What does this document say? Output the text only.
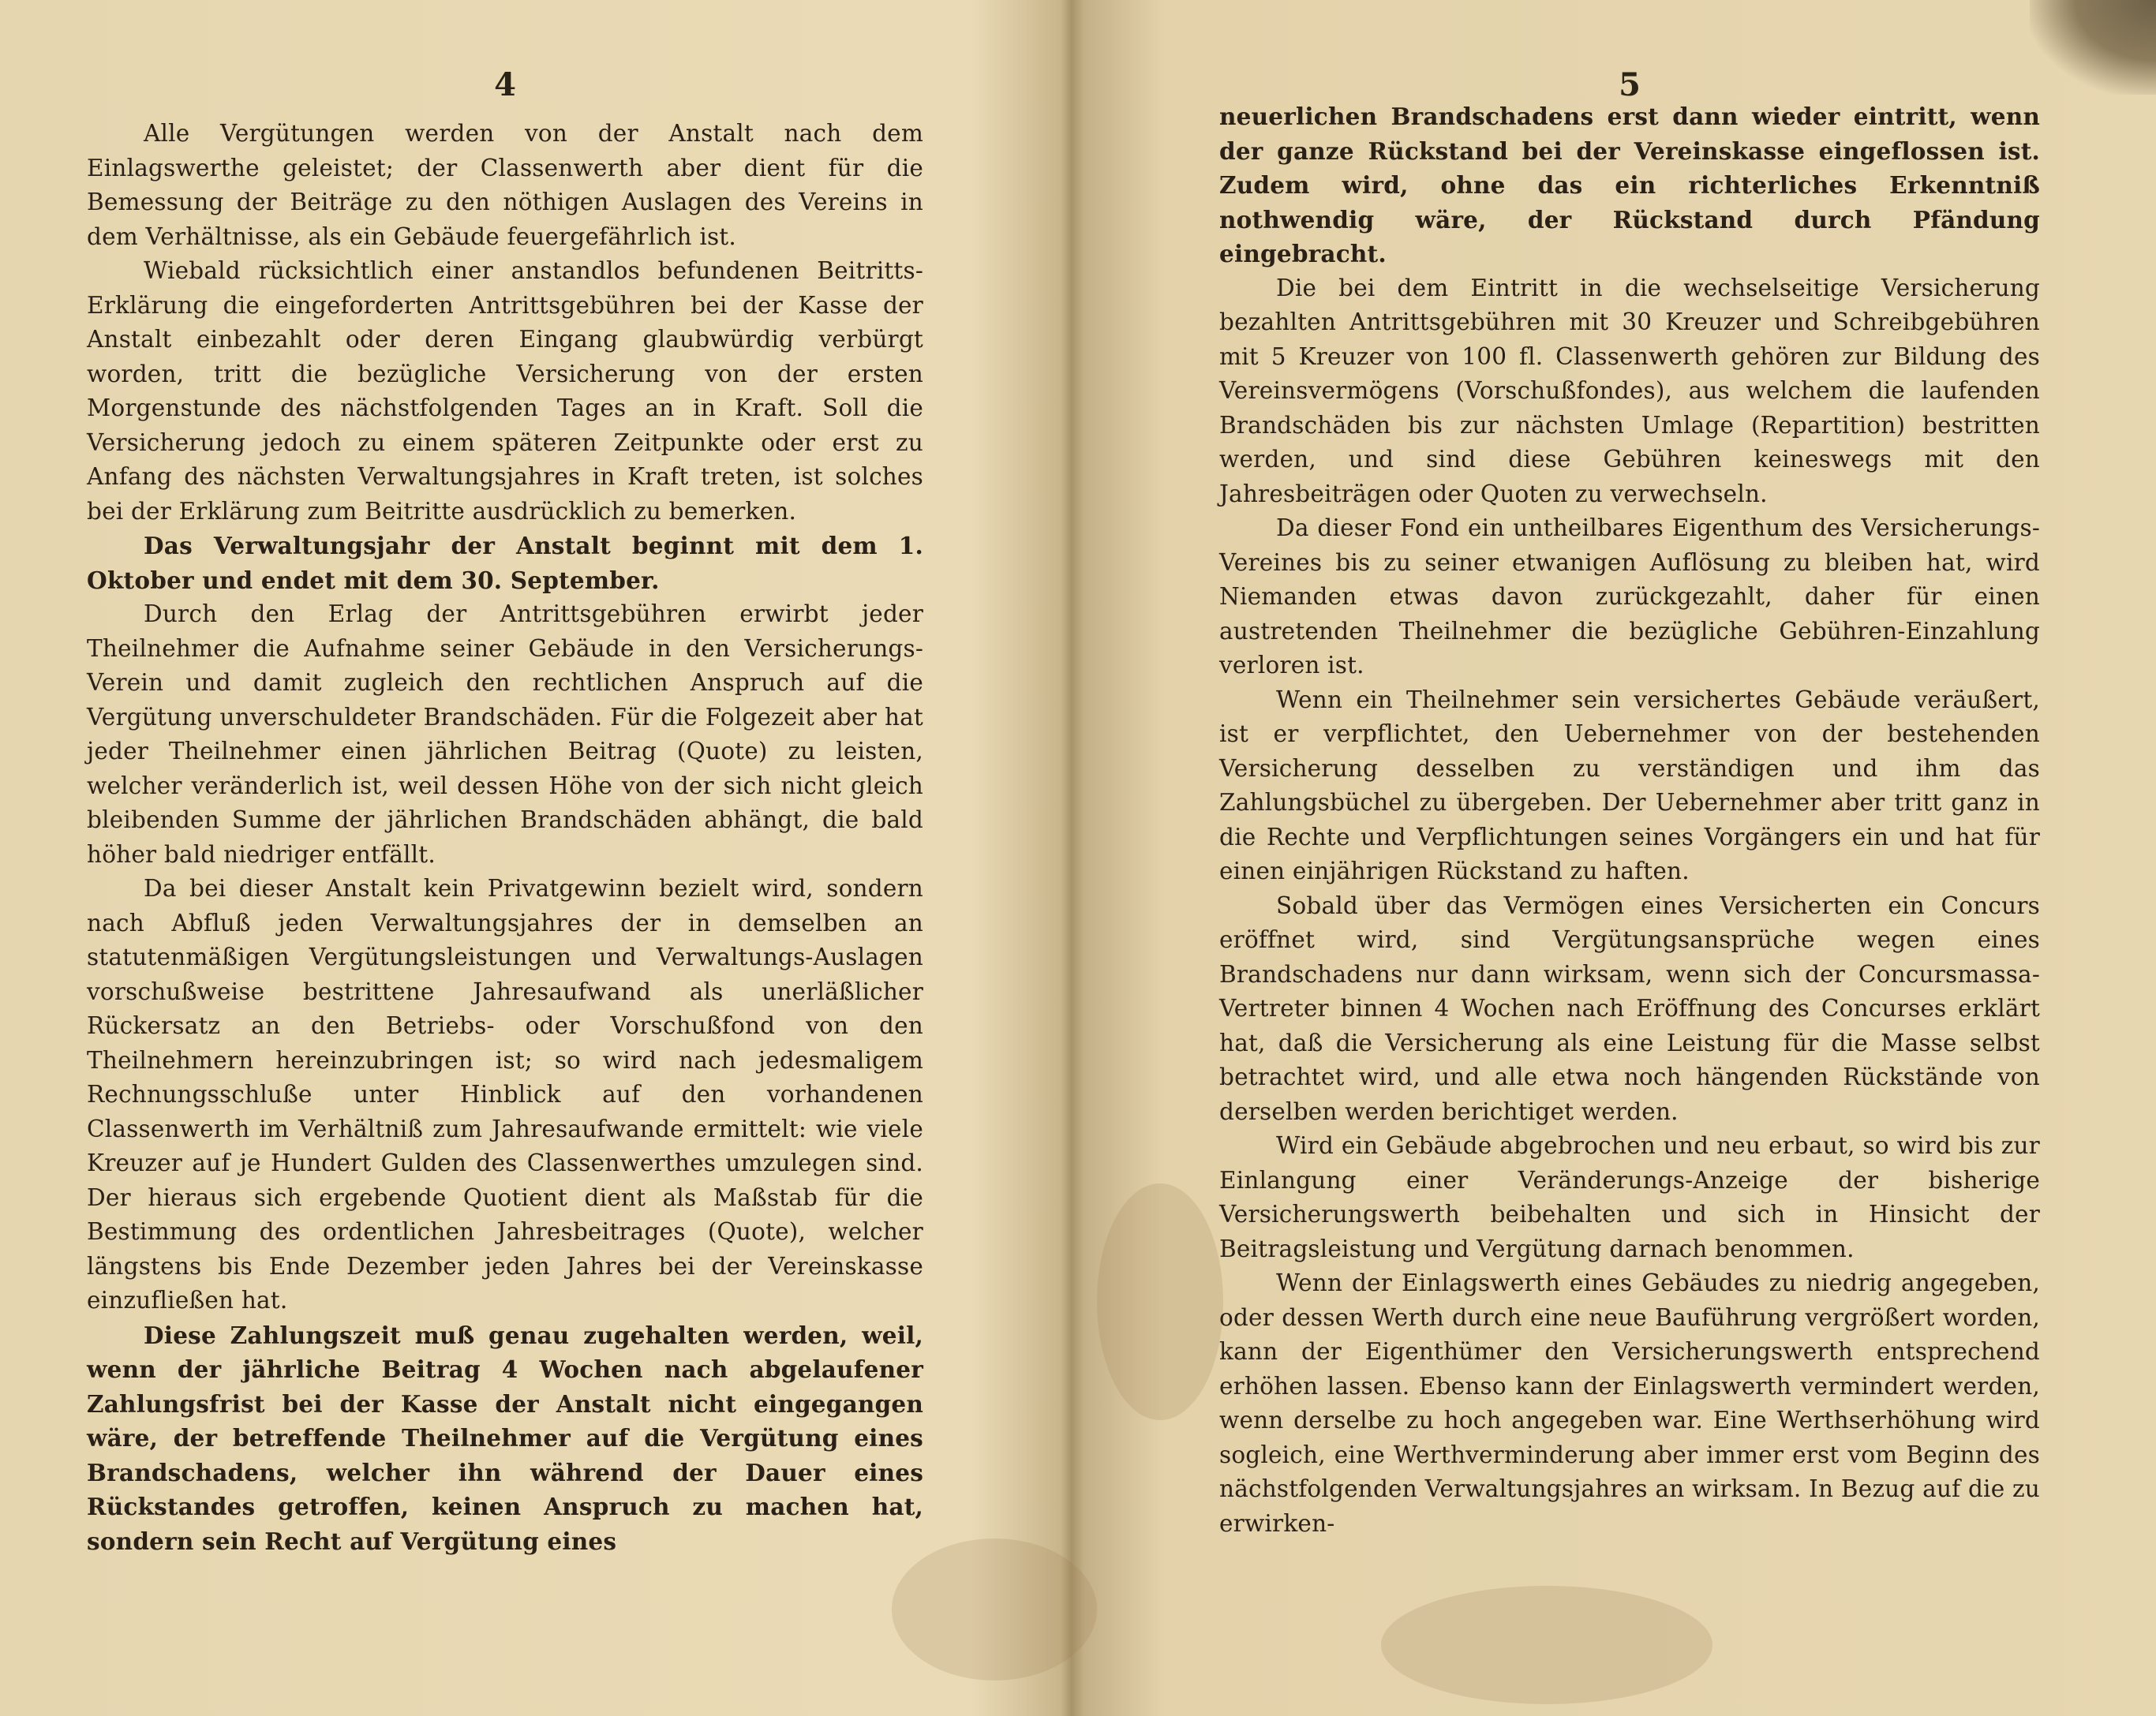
4

Alle Vergütungen werden von der Anstalt nach dem Einlagswerthe geleistet; der Classenwerth aber dient für die Bemessung der Beiträge zu den nöthigen Auslagen des Vereins in dem Verhältnisse, als ein Gebäude feuergefährlich ist.

Wiebald rücksichtlich einer anstandlos befundenen Beitritts-Erklärung die eingeforderten Antrittsgebühren bei der Kasse der Anstalt einbezahlt oder deren Eingang glaubwürdig verbürgt worden, tritt die bezügliche Versicherung von der ersten Morgenstunde des nächstfolgenden Tages an in Kraft. Soll die Versicherung jedoch zu einem späteren Zeitpunkte oder erst zu Anfang des nächsten Verwaltungsjahres in Kraft treten, ist solches bei der Erklärung zum Beitritte ausdrücklich zu bemerken.

Das Verwaltungsjahr der Anstalt beginnt mit dem 1. Oktober und endet mit dem 30. September.

Durch den Erlag der Antrittsgebühren erwirbt jeder Theilnehmer die Aufnahme seiner Gebäude in den Versicherungs-Verein und damit zugleich den rechtlichen Anspruch auf die Vergütung unverschuldeter Brandschäden. Für die Folgezeit aber hat jeder Theilnehmer einen jährlichen Beitrag (Quote) zu leisten, welcher veränderlich ist, weil dessen Höhe von der sich nicht gleich bleibenden Summe der jährlichen Brandschäden abhängt, die bald höher bald niedriger entfällt.

Da bei dieser Anstalt kein Privatgewinn bezielt wird, sondern nach Abfluß jeden Verwaltungsjahres der in demselben an statutenmäßigen Vergütungsleistungen und Verwaltungs-Auslagen vorschußweise bestrittene Jahresaufwand als unerläßlicher Rückersatz an den Betriebs- oder Vorschußfond von den Theilnehmern hereinzubringen ist; so wird nach jedesmaligem Rechnungsschluße unter Hinblick auf den vorhandenen Classenwerth im Verhältniß zum Jahresaufwande ermittelt: wie viele Kreuzer auf je Hundert Gulden des Classenwerthes umzulegen sind. Der hieraus sich ergebende Quotient dient als Maßstab für die Bestimmung des ordentlichen Jahresbeitrages (Quote), welcher längstens bis Ende Dezember jeden Jahres bei der Vereinskasse einzufließen hat.

Diese Zahlungszeit muß genau zugehalten werden, weil, wenn der jährliche Beitrag 4 Wochen nach abgelaufener Zahlungsfrist bei der Kasse der Anstalt nicht eingegangen wäre, der betreffende Theilnehmer auf die Vergütung eines Brandschadens, welcher ihn während der Dauer eines Rückstandes getroffen, keinen Anspruch zu machen hat, sondern sein Recht auf Vergütung eines

5

neuerlichen Brandschadens erst dann wieder eintritt, wenn der ganze Rückstand bei der Vereinskasse eingeflossen ist. Zudem wird, ohne das ein richterliches Erkenntniß nothwendig wäre, der Rückstand durch Pfändung eingebracht.

Die bei dem Eintritt in die wechselseitige Versicherung bezahlten Antrittsgebühren mit 30 Kreuzer und Schreibgebühren mit 5 Kreuzer von 100 fl. Classenwerth gehören zur Bildung des Vereinsvermögens (Vorschußfondes), aus welchem die laufenden Brandschäden bis zur nächsten Umlage (Repartition) bestritten werden, und sind diese Gebühren keineswegs mit den Jahresbeiträgen oder Quoten zu verwechseln.

Da dieser Fond ein untheilbares Eigenthum des Versicherungs-Vereines bis zu seiner etwanigen Auflösung zu bleiben hat, wird Niemanden etwas davon zurückgezahlt, daher für einen austretenden Theilnehmer die bezügliche Gebühren-Einzahlung verloren ist.

Wenn ein Theilnehmer sein versichertes Gebäude veräußert, ist er verpflichtet, den Uebernehmer von der bestehenden Versicherung desselben zu verständigen und ihm das Zahlungsbüchel zu übergeben. Der Uebernehmer aber tritt ganz in die Rechte und Verpflichtungen seines Vorgängers ein und hat für einen einjährigen Rückstand zu haften.

Sobald über das Vermögen eines Versicherten ein Concurs eröffnet wird, sind Vergütungsansprüche wegen eines Brandschadens nur dann wirksam, wenn sich der Concursmassa-Vertreter binnen 4 Wochen nach Eröffnung des Concurses erklärt hat, daß die Versicherung als eine Leistung für die Masse selbst betrachtet wird, und alle etwa noch hängenden Rückstände von derselben werden berichtiget werden.

Wird ein Gebäude abgebrochen und neu erbaut, so wird bis zur Einlangung einer Veränderungs-Anzeige der bisherige Versicherungswerth beibehalten und sich in Hinsicht der Beitragsleistung und Vergütung darnach benommen.

Wenn der Einlagswerth eines Gebäudes zu niedrig angegeben, oder dessen Werth durch eine neue Bauführung vergrößert worden, kann der Eigenthümer den Versicherungswerth entsprechend erhöhen lassen. Ebenso kann der Einlagswerth vermindert werden, wenn derselbe zu hoch angegeben war. Eine Werthserhöhung wird sogleich, eine Werthverminderung aber immer erst vom Beginn des nächstfolgenden Verwaltungsjahres an wirksam. In Bezug auf die zu erwirken-
